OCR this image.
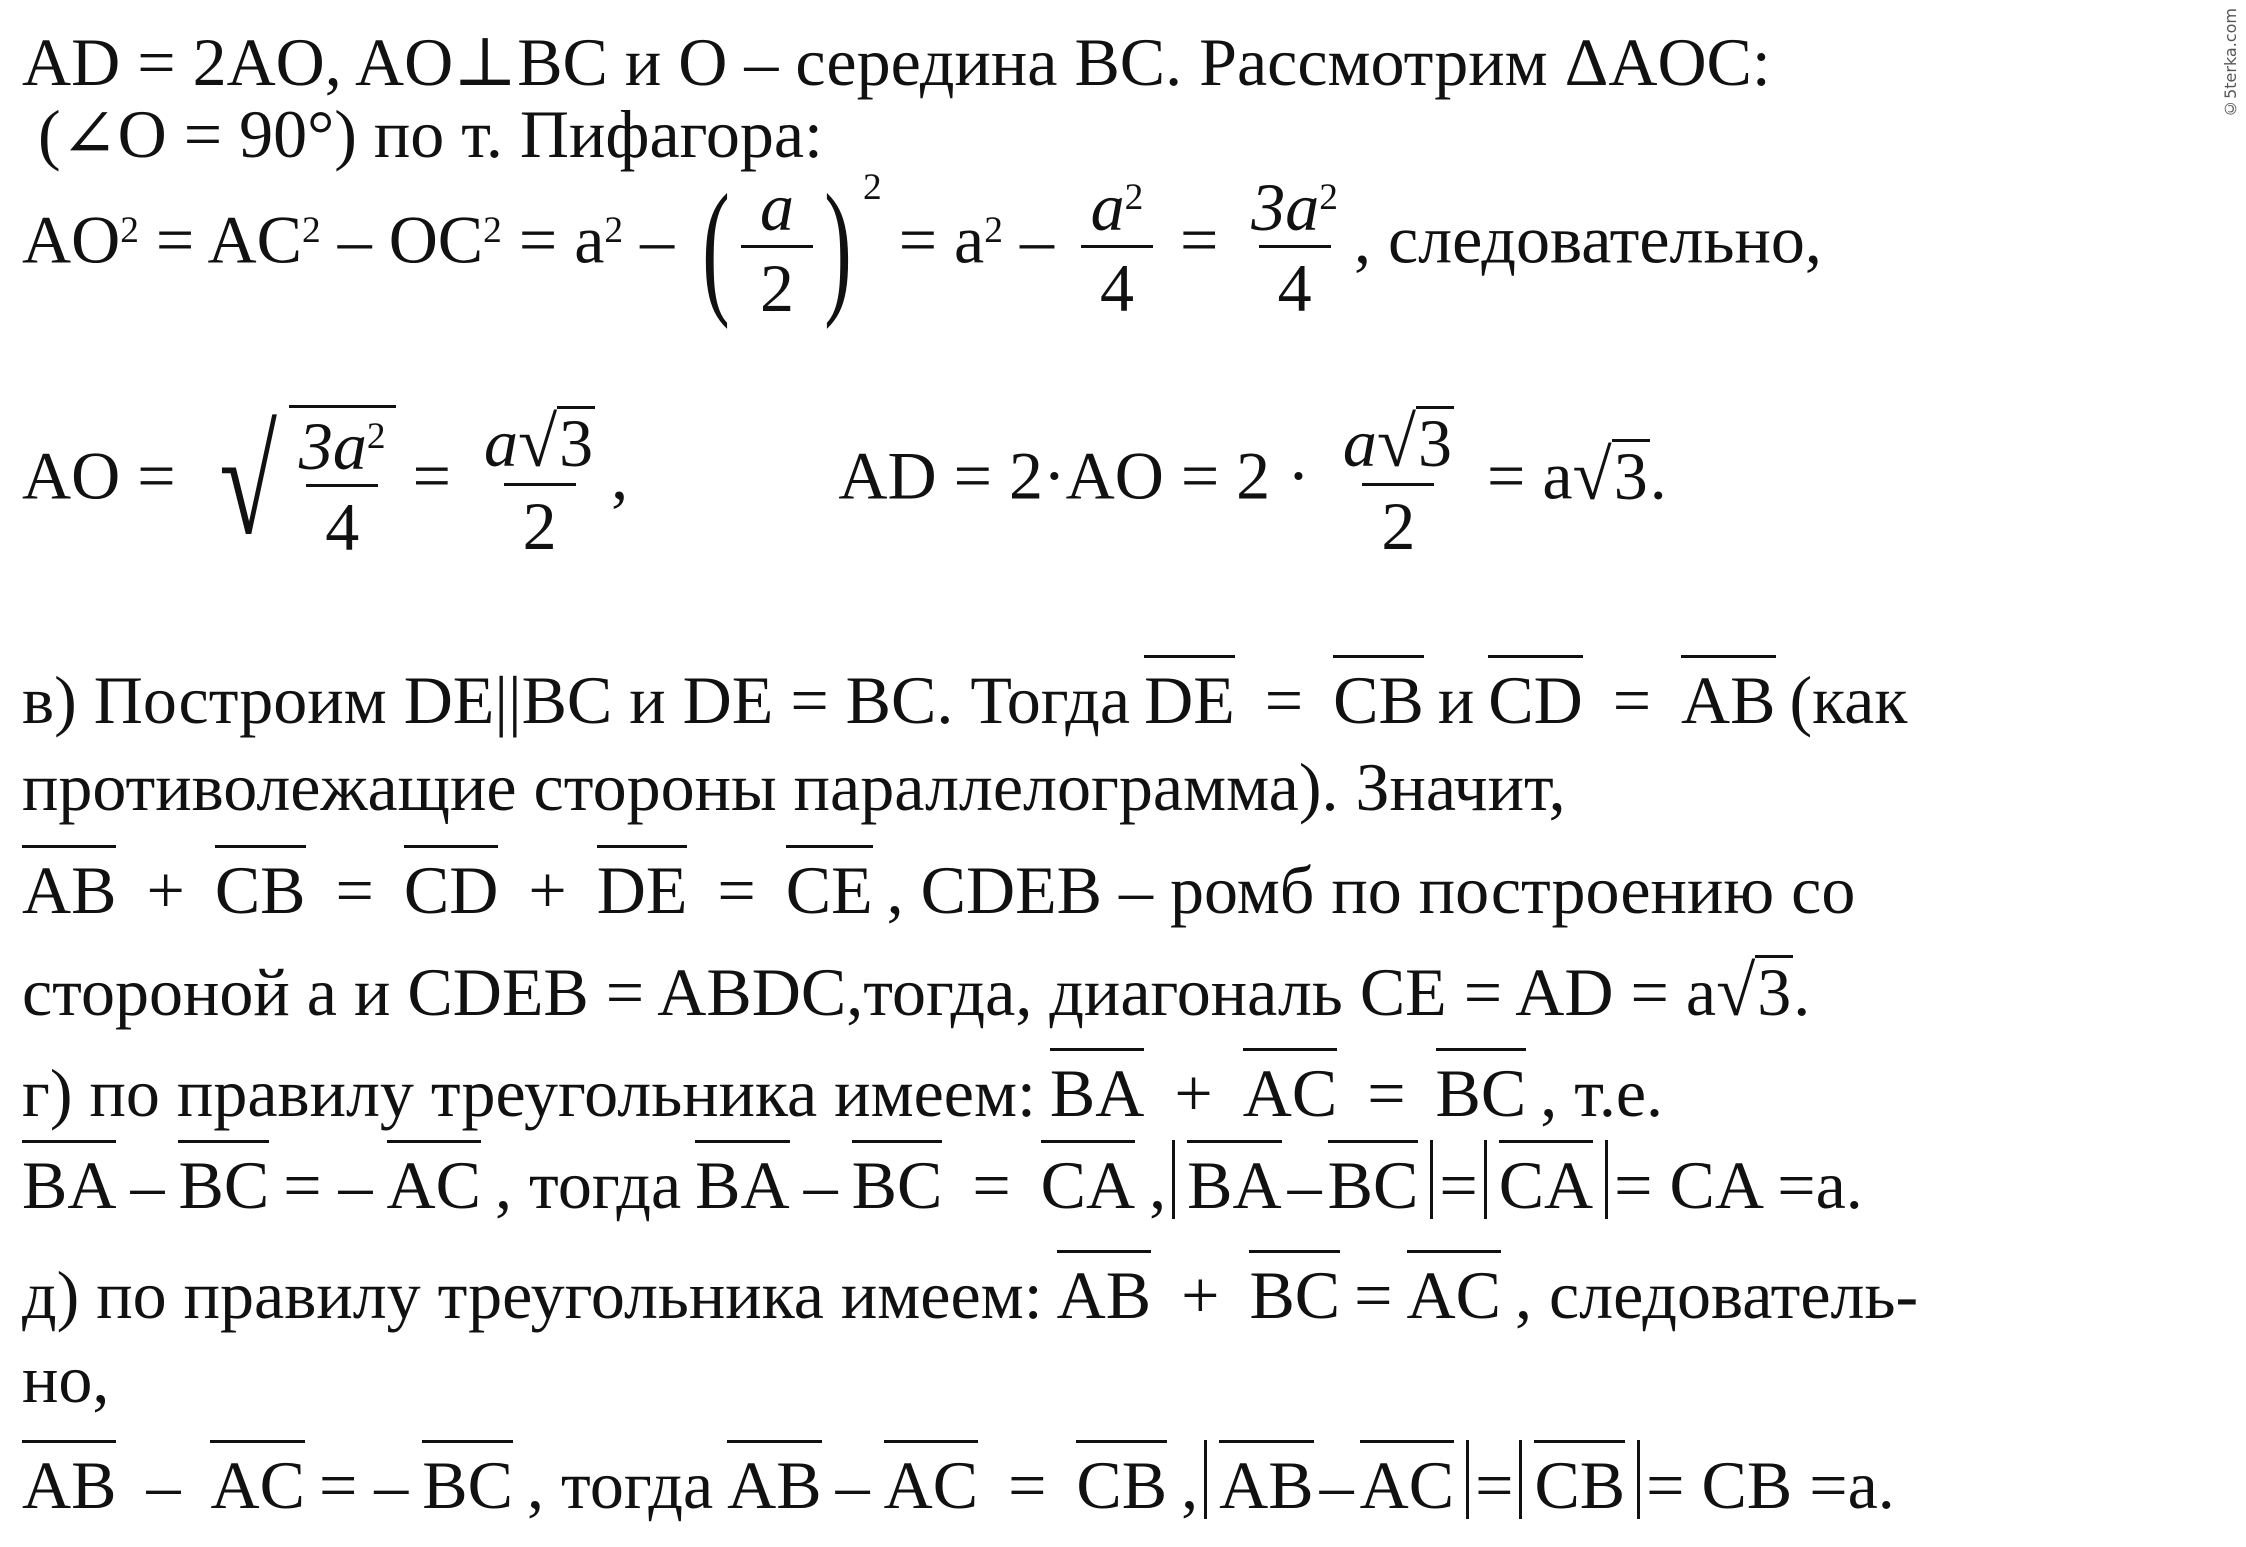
©5terka.com
AD = 2AO, AO⊥BC и O – середина BC. Рассмотрим ΔAOC:
(∠O = 90°) по т. Пифагора:
$AO^2 = AC^2 - OC^2 = a^2$ – ( $\frac{a}{2}$ ) $^2 = a^2 - \frac{a^2}{4} = \frac{3a^2}{4}$ , следовательно,
AO = √ $\frac{3a^2}{4} = \frac{a √ 3}{2}$ ,	AD = $2\cdot AO = 2 \cdot \frac{a √ 3}{2} = a$ √ 3 .
в) Построим DE||BC и DE = BC. Тогда DE = CB и CD = AB (как
противолежащие стороны параллелограмма). Значит,
AB + CB = CD + DE = CE , CDEB – ромб по построению со
стороной a и CDEB = ABDC,тогда, диагональ CE = AD = a √ 3 .
г) по правилу треугольника имеем: BA + AC = BC , т.е.
BA – BC = – AC , тогда BA – BC = CA , BA–BC = CA = CA =a.
д) по правилу треугольника имеем: AB + BC = AC , следователь-
но,
AB – AC = – BC , тогда AB – AC = CB , AB–AC = CB = CB =a.
